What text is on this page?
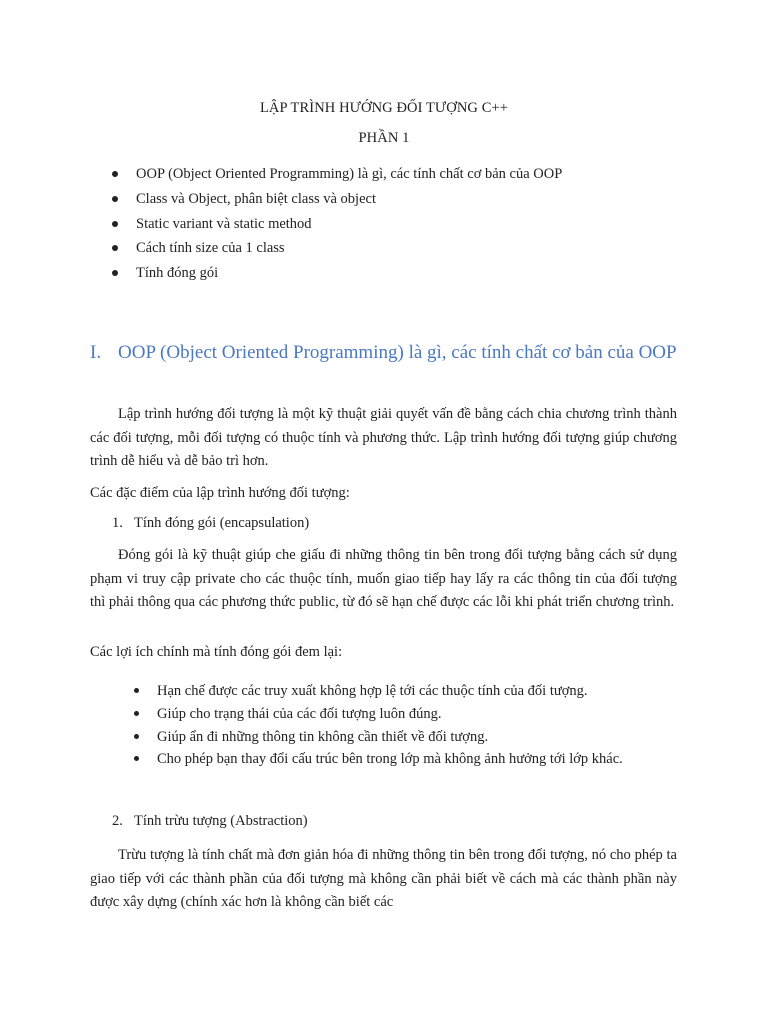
LẬP TRÌNH HƯỚNG ĐỐI TƯỢNG C++
PHẦN 1
OOP (Object Oriented Programming) là gì, các tính chất cơ bản của OOP
Class và Object, phân biệt class và object
Static variant và static method
Cách tính size của 1 class
Tính đóng gói
I. OOP (Object Oriented Programming) là gì, các tính chất cơ bản của OOP

Lập trình hướng đối tượng là một kỹ thuật giải quyết vấn đề bằng cách chia chương trình thành các đối tượng, mỗi đối tượng có thuộc tính và phương thức. Lập trình hướng đối tượng giúp chương trình dễ hiểu và dễ bảo trì hơn.

Các đặc điểm của lập trình hướng đối tượng:

1. Tính đóng gói (encapsulation)

Đóng gói là kỹ thuật giúp che giấu đi những thông tin bên trong đối tượng bằng cách sử dụng phạm vi truy cập private cho các thuộc tính, muốn giao tiếp hay lấy ra các thông tin của đối tượng thì phải thông qua các phương thức public, từ đó sẽ hạn chế được các lỗi khi phát triển chương trình.

Các lợi ích chính mà tính đóng gói đem lại:

Hạn chế được các truy xuất không hợp lệ tới các thuộc tính của đối tượng.
Giúp cho trạng thái của các đối tượng luôn đúng.
Giúp ẩn đi những thông tin không cần thiết về đối tượng.
Cho phép bạn thay đổi cấu trúc bên trong lớp mà không ảnh hưởng tới lớp khác.
2. Tính trừu tượng (Abstraction)

Trừu tượng là tính chất mà đơn giản hóa đi những thông tin bên trong đối tượng, nó cho phép ta giao tiếp với các thành phần của đối tượng mà không cần phải biết về cách mà các thành phần này được xây dựng (chính xác hơn là không cần biết các
